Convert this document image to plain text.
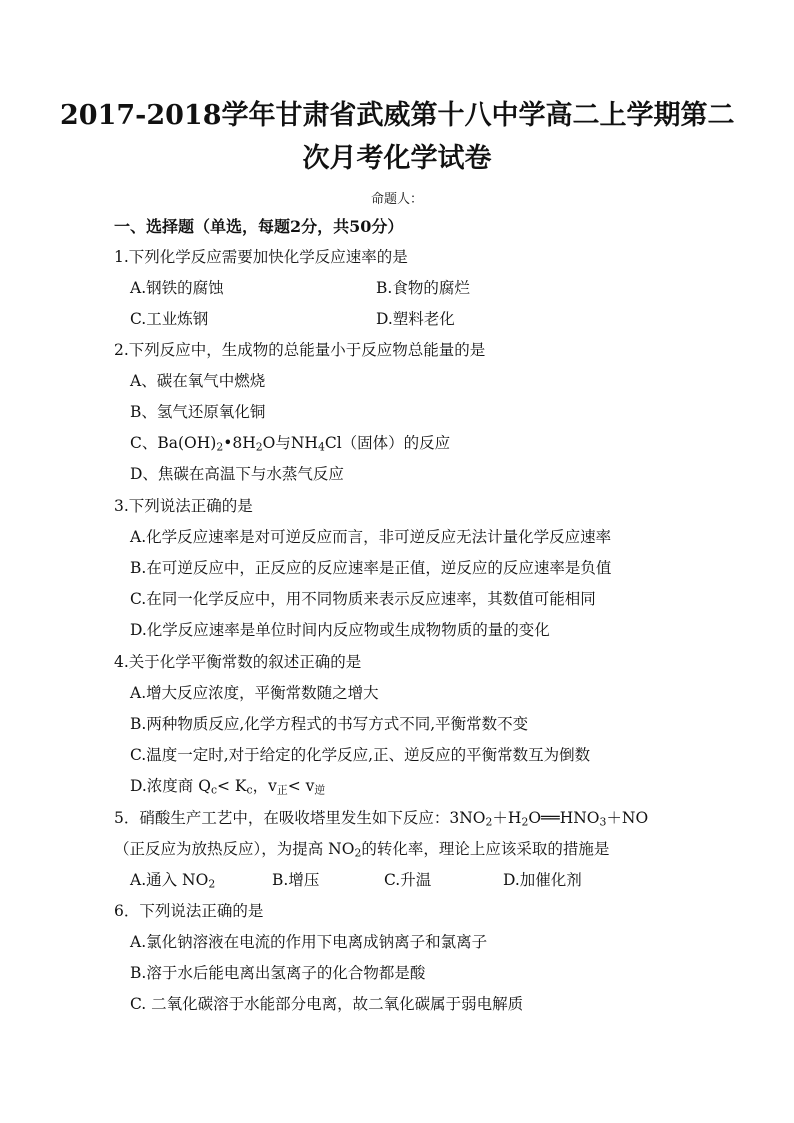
2017-2018学年甘肃省武威第十八中学高二上学期第二
次月考化学试卷
命题人：
一、选择题（单选，每题2分，共50分）
1.下列化学反应需要加快化学反应速率的是
A.钢铁的腐蚀	B.食物的腐烂
C.工业炼钢	D.塑料老化
2.下列反应中，生成物的总能量小于反应物总能量的是
A、碳在氧气中燃烧
B、氢气还原氧化铜
C、$Ba(OH)_2•8H_2O$与$NH_4Cl$（固体）的反应
D、焦碳在高温下与水蒸气反应
3.下列说法正确的是
A.化学反应速率是对可逆反应而言，非可逆反应无法计量化学反应速率
B.在可逆反应中，正反应的反应速率是正值，逆反应的反应速率是负值
C.在同一化学反应中，用不同物质来表示反应速率，其数值可能相同
D.化学反应速率是单位时间内反应物或生成物物质的量的变化
4.关于化学平衡常数的叙述正确的是
A.增大反应浓度，平衡常数随之增大
B.两种物质反应,化学方程式的书写方式不同,平衡常数不变
C.温度一定时,对于给定的化学反应,正、逆反应的平衡常数互为倒数
D.浓度商 $Q_c< K_c$，$v_正< v_逆$
5．硝酸生产工艺中，在吸收塔里发生如下反应：$3NO_2+H_2O══HNO_3+NO$
（正反应为放热反应），为提高 $NO_2$的转化率，理论上应该采取的措施是
A.通入 $NO_2$	B.增压	C.升温	D.加催化剂
6．下列说法正确的是
A.氯化钠溶液在电流的作用下电离成钠离子和氯离子
B.溶于水后能电离出氢离子的化合物都是酸
C. 二氧化碳溶于水能部分电离，故二氧化碳属于弱电解质
